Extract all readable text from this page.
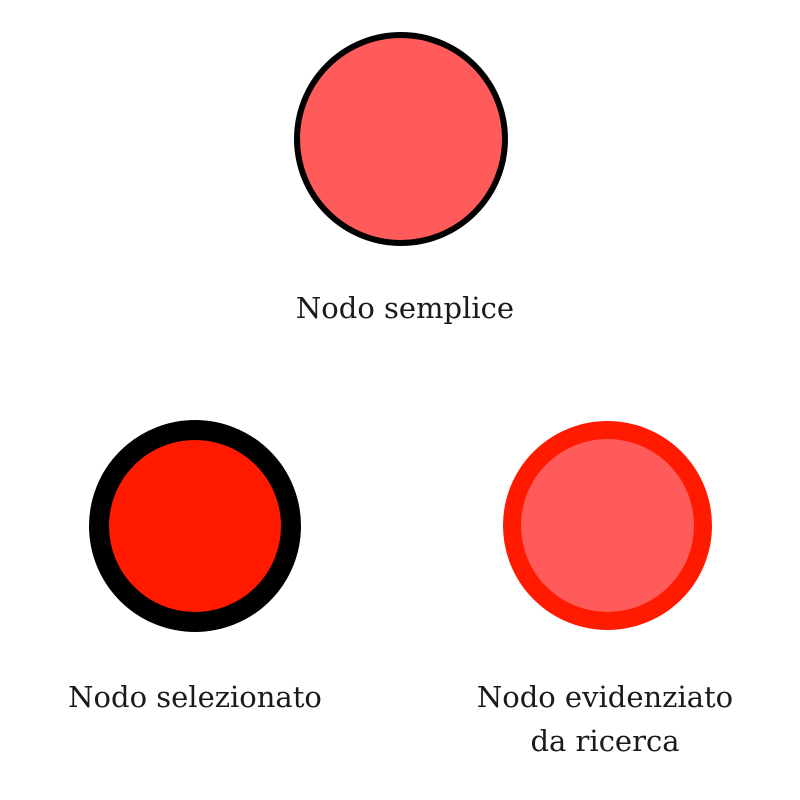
Nodo semplice
Nodo selezionato	Nodo evidenziato
da ricerca
